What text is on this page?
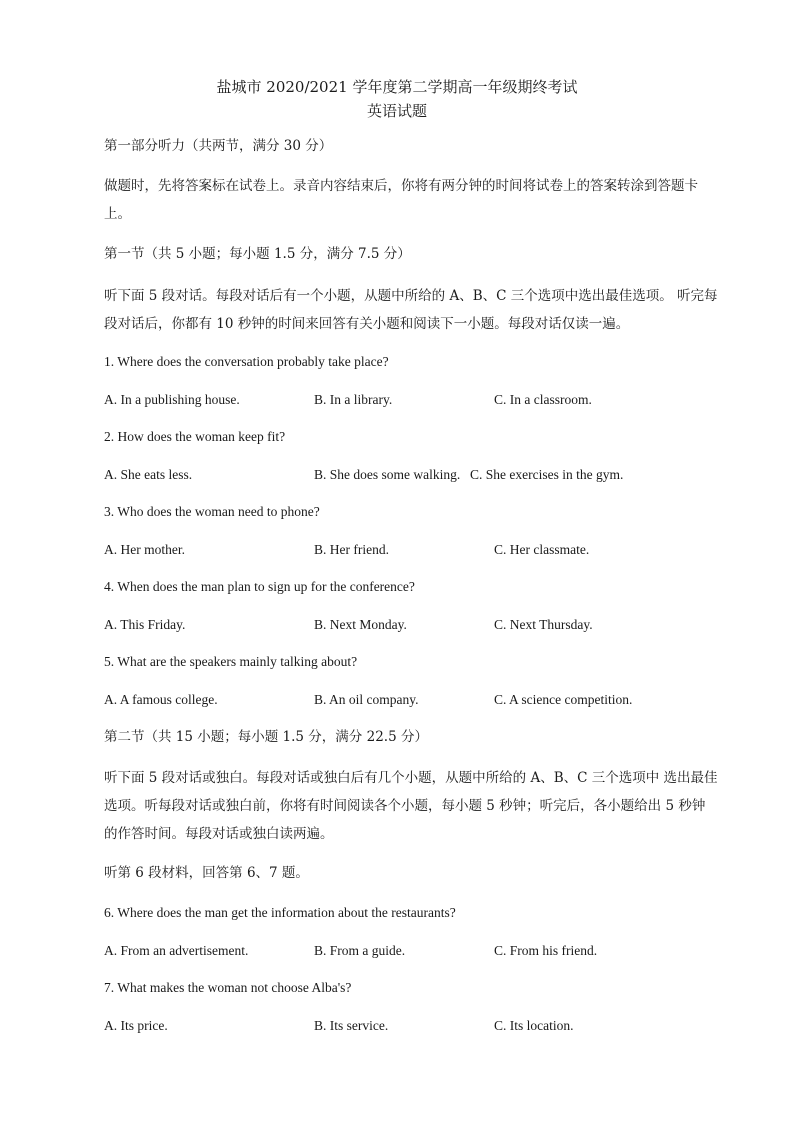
盐城市 2020/2021 学年度第二学期高一年级期终考试
英语试题
第一部分听力（共两节，满分 30 分）
做题时，先将答案标在试卷上。录音内容结束后，你将有两分钟的时间将试卷上的答案转涂到答题卡上。
第一节（共 5 小题；每小题 1.5 分，满分 7.5 分）
听下面 5 段对话。每段对话后有一个小题，从题中所给的 A、B、C 三个选项中选出最佳选项。 听完每段对话后，你都有 10 秒钟的时间来回答有关小题和阅读下一小题。每段对话仅读一遍。
1. Where does the conversation probably take place?
A. In a publishing house.	B. In a library.	C. In a classroom.
2. How does the woman keep fit?
A. She eats less.	B. She does some walking. C. She exercises in the gym.
3. Who does the woman need to phone?
A. Her mother.	B. Her friend.	C. Her classmate.
4. When does the man plan to sign up for the conference?
A. This Friday.	B. Next Monday.	C. Next Thursday.
5. What are the speakers mainly talking about?
A. A famous college.	B. An oil company.	C. A science competition.
第二节（共 15 小题；每小题 1.5 分，满分 22.5 分）
听下面 5 段对话或独白。每段对话或独白后有几个小题，从题中所给的 A、B、C 三个选项中 选出最佳选项。听每段对话或独白前，你将有时间阅读各个小题，每小题 5 秒钟；听完后，各小题给出 5 秒钟的作答时间。每段对话或独白读两遍。
听第 6 段材料，回答第 6、7 题。
6. Where does the man get the information about the restaurants?
A. From an advertisement.	B. From a guide.	C. From his friend.
7. What makes the woman not choose Alba's?
A. Its price.	B. Its service.	C. Its location.
